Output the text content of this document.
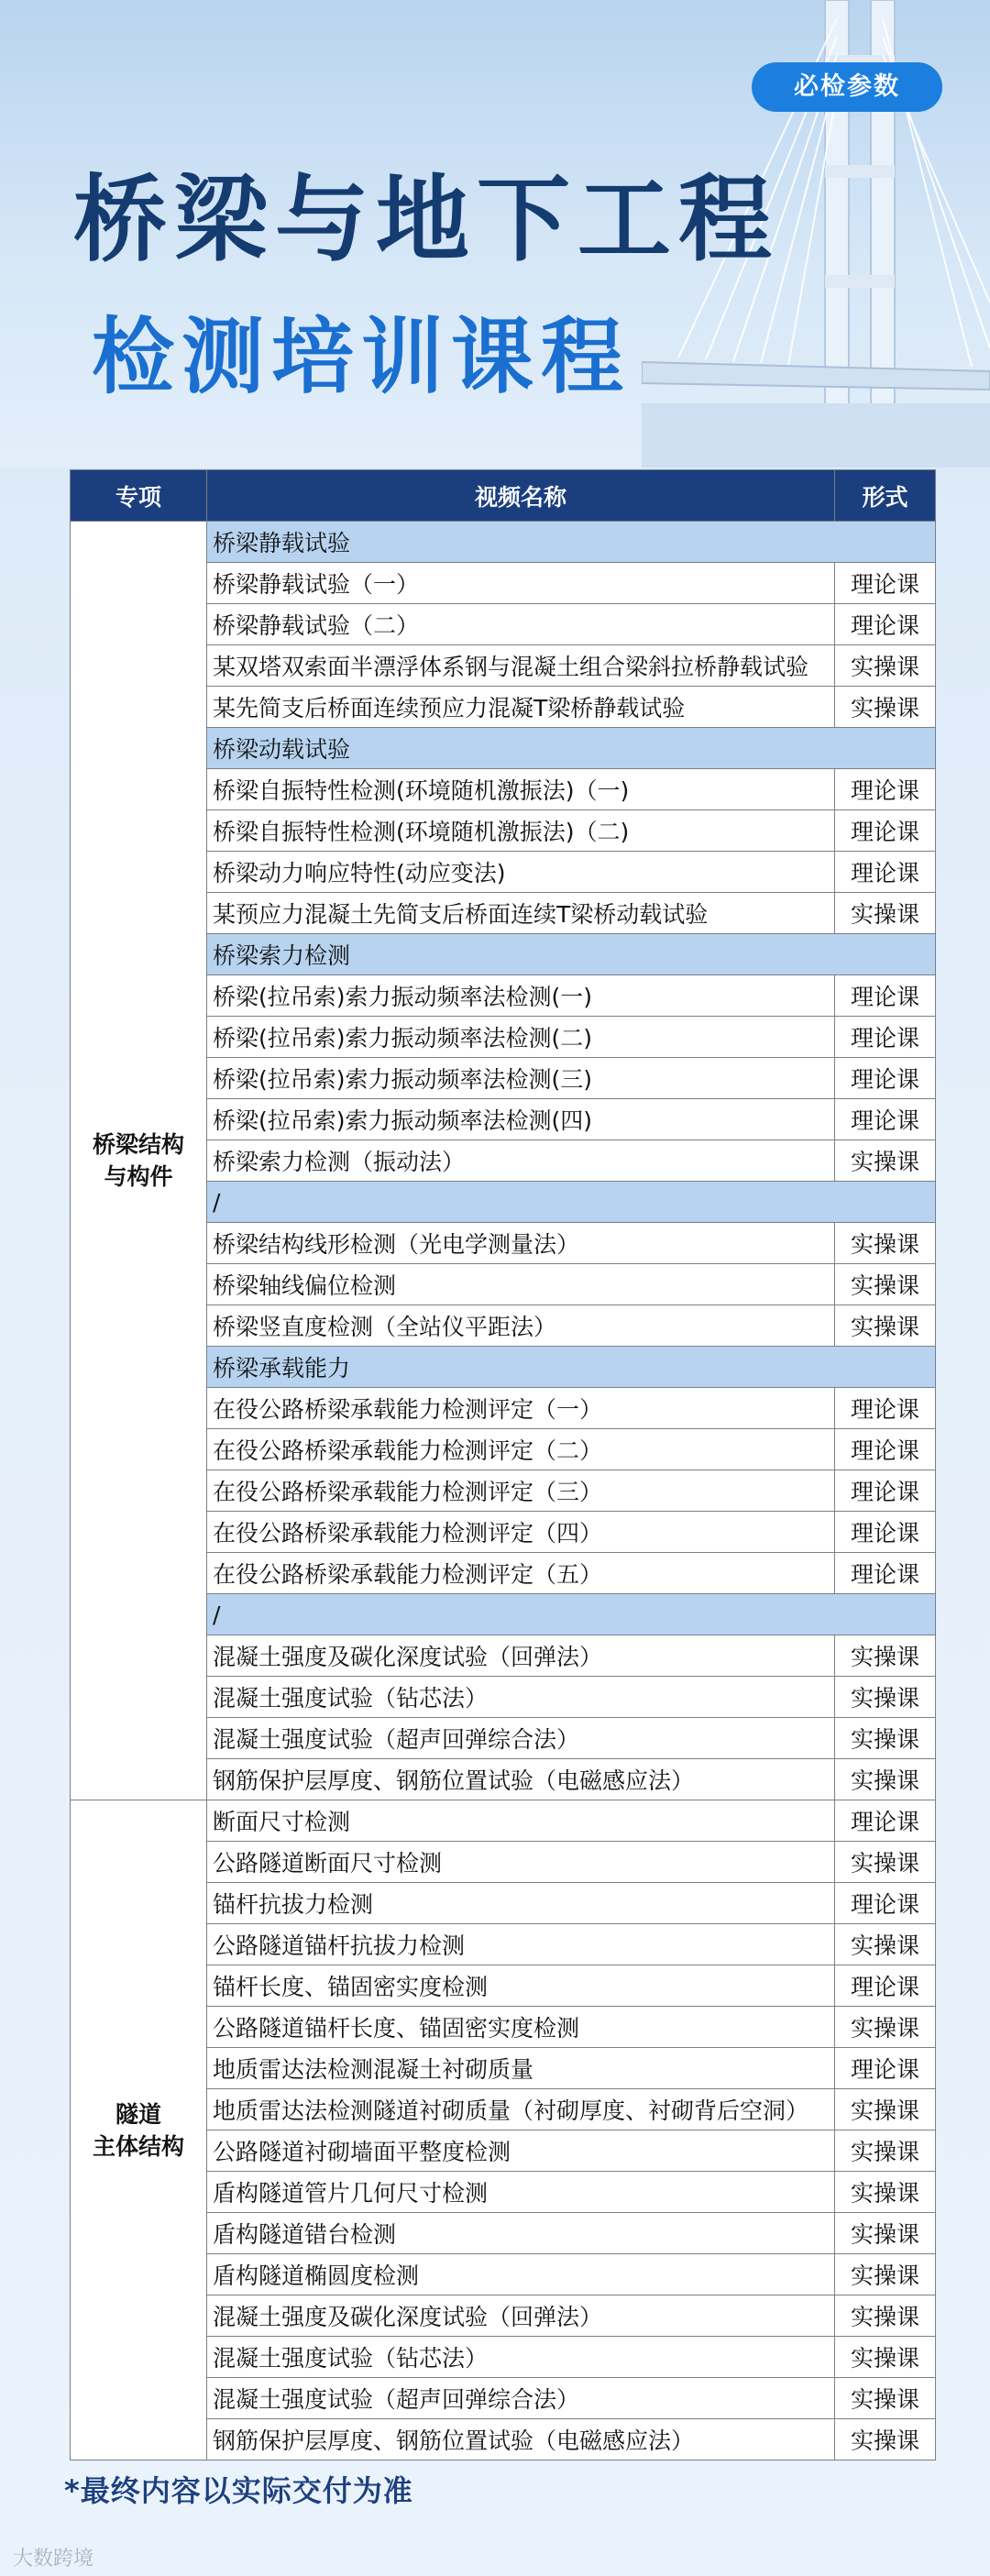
必检参数
桥梁与地下工程
检测培训课程
专项	视频名称	形式

桥梁结构
与构件	桥梁静载试验	
	桥梁静载试验（一）	理论课
	桥梁静载试验（二）	理论课
	某双塔双索面半漂浮体系钢与混凝土组合梁斜拉桥静载试验	实操课
	某先简支后桥面连续预应力混凝T梁桥静载试验	实操课
	桥梁动载试验	
	桥梁自振特性检测(环境随机激振法)（一)	理论课
	桥梁自振特性检测(环境随机激振法)（二)	理论课
	桥梁动力响应特性(动应变法)	理论课
	某预应力混凝土先简支后桥面连续T梁桥动载试验	实操课
	桥梁索力检测	
	桥梁(拉吊索)索力振动频率法检测(一)	理论课
	桥梁(拉吊索)索力振动频率法检测(二)	理论课
	桥梁(拉吊索)索力振动频率法检测(三)	理论课
	桥梁(拉吊索)索力振动频率法检测(四)	理论课
	桥梁索力检测（振动法）	实操课
	/	
	桥梁结构线形检测（光电学测量法）	实操课
	桥梁轴线偏位检测	实操课
	桥梁竖直度检测（全站仪平距法）	实操课
	桥梁承载能力	
	在役公路桥梁承载能力检测评定（一）	理论课
	在役公路桥梁承载能力检测评定（二）	理论课
	在役公路桥梁承载能力检测评定（三）	理论课
	在役公路桥梁承载能力检测评定（四）	理论课
	在役公路桥梁承载能力检测评定（五）	理论课
	/	
	混凝土强度及碳化深度试验（回弹法）	实操课
	混凝土强度试验（钻芯法）	实操课
	混凝土强度试验（超声回弹综合法）	实操课
	钢筋保护层厚度、钢筋位置试验（电磁感应法）	实操课

隧道
主体结构	断面尺寸检测	理论课
	公路隧道断面尺寸检测	实操课
	锚杆抗拔力检测	理论课
	公路隧道锚杆抗拔力检测	实操课
	锚杆长度、锚固密实度检测	理论课
	公路隧道锚杆长度、锚固密实度检测	实操课
	地质雷达法检测混凝土衬砌质量	理论课
	地质雷达法检测隧道衬砌质量（衬砌厚度、衬砌背后空洞）	实操课
	公路隧道衬砌墙面平整度检测	实操课
	盾构隧道管片几何尺寸检测	实操课
	盾构隧道错台检测	实操课
	盾构隧道椭圆度检测	实操课
	混凝土强度及碳化深度试验（回弹法）	实操课
	混凝土强度试验（钻芯法）	实操课
	混凝土强度试验（超声回弹综合法）	实操课
	钢筋保护层厚度、钢筋位置试验（电磁感应法）	实操课
*最终内容以实际交付为准
大数跨境
